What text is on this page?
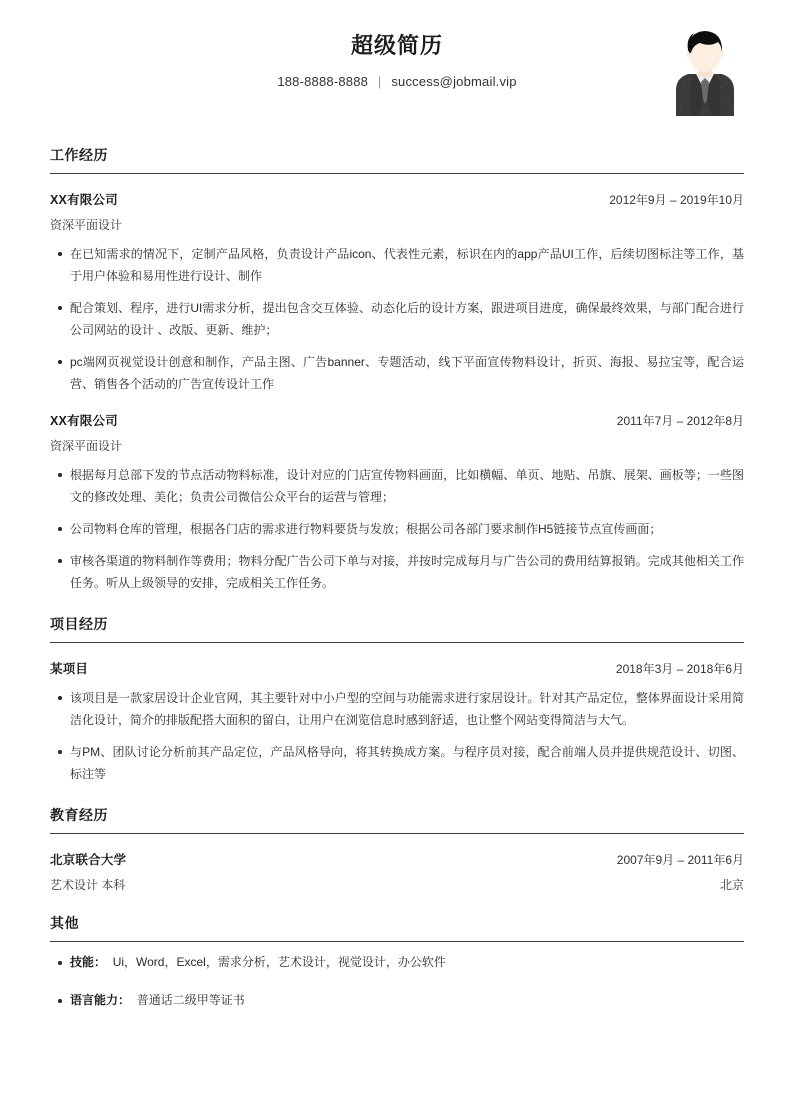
超级简历
188-8888-8888 | success@jobmail.vip
工作经历
XX有限公司	2012年9月 – 2019年10月
资深平面设计
在已知需求的情况下，定制产品风格，负责设计产品icon、代表性元素，标识在内的app产品UI工作，后续切图标注等工作，基于用户体验和易用性进行设计、制作
配合策划、程序，进行UI需求分析，提出包含交互体验、动态化后的设计方案，跟进项目进度，确保最终效果，与部门配合进行公司网站的设计 、改版、更新、维护；
pc端网页视觉设计创意和制作，产品主图、广告banner、专题活动，线下平面宣传物料设计，折页、海报、易拉宝等，配合运营、销售各个活动的广告宣传设计工作
XX有限公司	2011年7月 – 2012年8月
资深平面设计
根据每月总部下发的节点活动物料标准，设计对应的门店宣传物料画面，比如横幅、单页、地贴、吊旗、展架、画板等；一些图文的修改处理、美化；负责公司微信公众平台的运营与管理；
公司物料仓库的管理，根据各门店的需求进行物料要货与发放；根据公司各部门要求制作H5链接节点宣传画面；
审核各渠道的物料制作等费用；物料分配广告公司下单与对接，并按时完成每月与广告公司的费用结算报销。完成其他相关工作任务。听从上级领导的安排，完成相关工作任务。
项目经历
某项目	2018年3月 – 2018年6月
该项目是一款家居设计企业官网，其主要针对中小户型的空间与功能需求进行家居设计。针对其产品定位，整体界面设计采用简洁化设计，简介的排版配搭大面积的留白，让用户在浏览信息时感到舒适，也让整个网站变得简洁与大气。
与PM、团队讨论分析前其产品定位，产品风格导向，将其转换成方案。与程序员对接，配合前端人员并提供规范设计、切图、标注等
教育经历
北京联合大学	2007年9月 – 2011年6月
艺术设计 本科	北京
其他
技能： Ui，Word，Excel，需求分析，艺术设计，视觉设计，办公软件
语言能力： 普通话二级甲等证书
